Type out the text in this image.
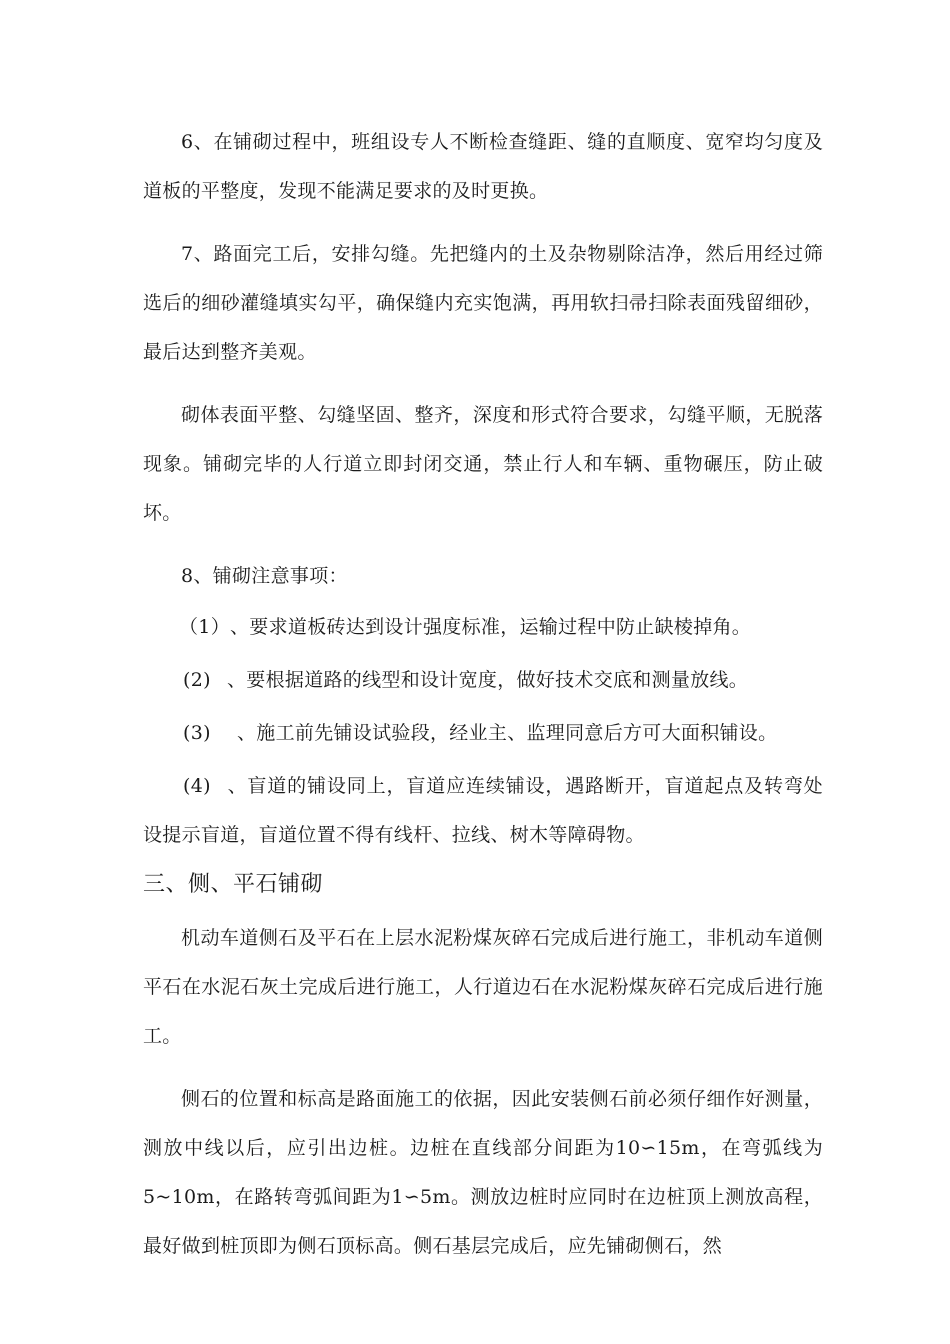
6、在铺砌过程中，班组设专人不断检查缝距、缝的直顺度、宽窄均匀度及道板的平整度，发现不能满足要求的及时更换。

7、路面完工后，安排勾缝。先把缝内的土及杂物剔除洁净，然后用经过筛选后的细砂灌缝填实勾平，确保缝内充实饱满，再用软扫帚扫除表面残留细砂，最后达到整齐美观。

砌体表面平整、勾缝坚固、整齐，深度和形式符合要求，勾缝平顺，无脱落现象。铺砌完毕的人行道立即封闭交通，禁止行人和车辆、重物碾压，防止破坏。

8、铺砌注意事项：

（1）、要求道板砖达到设计强度标准，运输过程中防止缺棱掉角。

(2) 、要根据道路的线型和设计宽度，做好技术交底和测量放线。

(3) 、施工前先铺设试验段，经业主、监理同意后方可大面积铺设。

(4) 、盲道的铺设同上，盲道应连续铺设，遇路断开，盲道起点及转弯处设提示盲道，盲道位置不得有线杆、拉线、树木等障碍物。

三、侧、平石铺砌

机动车道侧石及平石在上层水泥粉煤灰碎石完成后进行施工，非机动车道侧平石在水泥石灰土完成后进行施工，人行道边石在水泥粉煤灰碎石完成后进行施工。

侧石的位置和标高是路面施工的依据，因此安装侧石前必须仔细作好测量，测放中线以后，应引出边桩。边桩在直线部分间距为10∽15m，在弯弧线为5~10m，在路转弯弧间距为1∽5m。测放边桩时应同时在边桩顶上测放高程，最好做到桩顶即为侧石顶标高。侧石基层完成后，应先铺砌侧石，然
